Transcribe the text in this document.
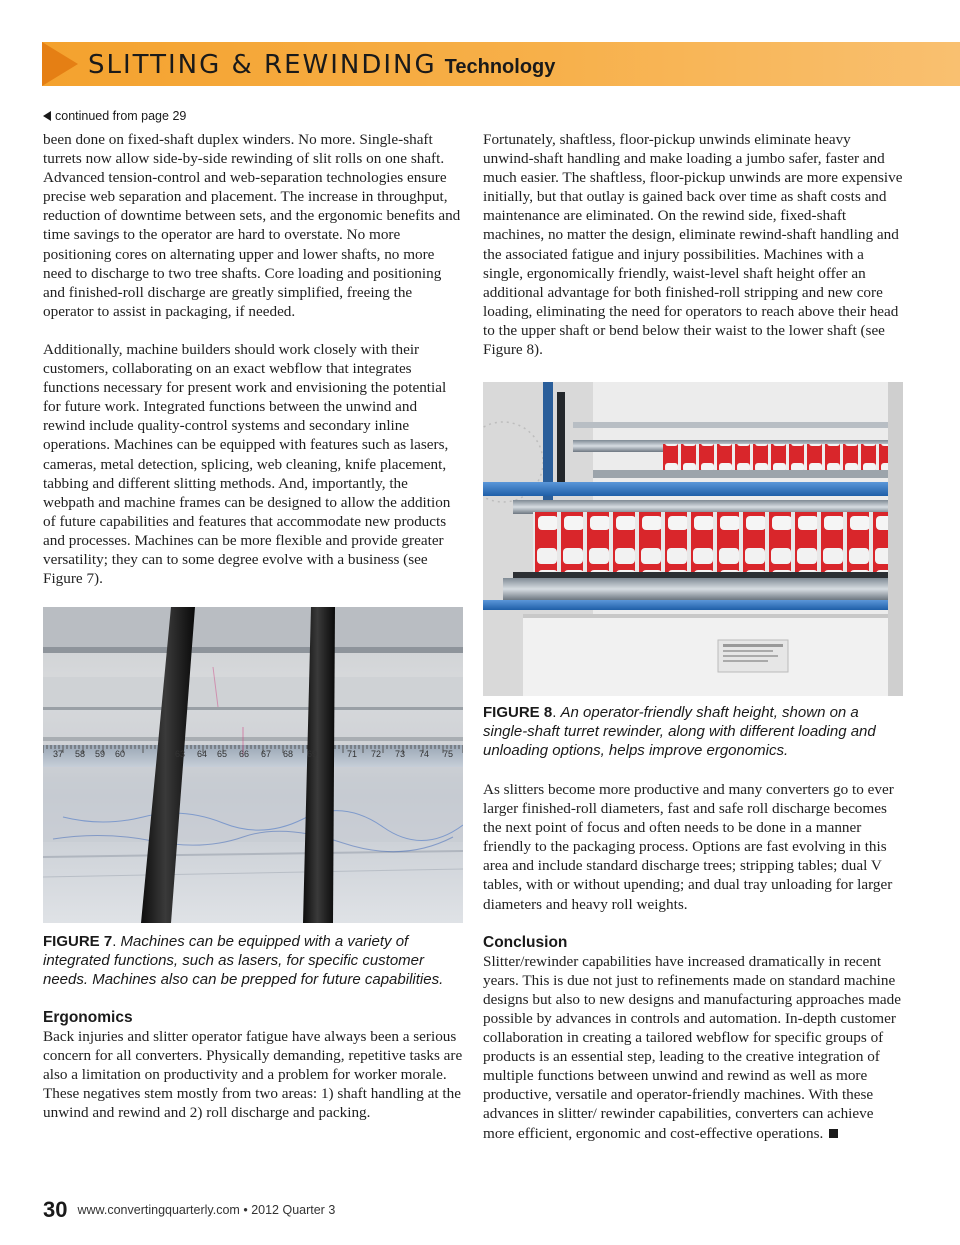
SLITTING & REWINDING Technology
continued from page 29

been done on fixed-shaft duplex winders. No more. Single-shaft turrets now allow side-by-side rewinding of slit rolls on one shaft. Advanced tension-control and web-separation technologies ensure precise web separation and placement. The increase in throughput, reduction of downtime between sets, and the ergonomic benefits and time savings to the operator are hard to overstate. No more positioning cores on alternating upper and lower shafts, no more need to discharge to two tree shafts. Core loading and positioning and finished-roll discharge are greatly simplified, freeing the operator to assist in packaging, if needed.

Additionally, machine builders should work closely with their customers, collaborating on an exact webflow that integrates functions necessary for present work and envisioning the potential for future work. Integrated functions between the unwind and rewind include quality-control systems and secondary inline operations. Machines can be equipped with features such as lasers, cameras, metal detection, splicing, web cleaning, knife placement, tabbing and different slitting methods. And, importantly, the webpath and machine frames can be designed to allow the addition of future capabilities and features that accommodate new products and processes. Machines can be more flexible and provide greater versatility; they can to some degree evolve with a business (see Figure 7).

37 58 59 60	63 64 65 66 67 68 69	71 72 73 74 75

FIGURE 7. Machines can be equipped with a variety of integrated functions, such as lasers, for specific customer needs. Machines also can be prepped for future capabilities.

Ergonomics

Back injuries and slitter operator fatigue have always been a serious concern for all converters. Physically demanding, repetitive tasks are also a limitation on productivity and a problem for worker morale. These negatives stem mostly from two areas: 1) shaft handling at the unwind and rewind and 2) roll discharge and packing.

Fortunately, shaftless, floor-pickup unwinds eliminate heavy unwind-shaft handling and make loading a jumbo safer, faster and much easier. The shaftless, floor-pickup unwinds are more expensive initially, but that outlay is gained back over time as shaft costs and maintenance are eliminated. On the rewind side, fixed-shaft machines, no matter the design, eliminate rewind-shaft handling and the associated fatigue and injury possibilities. Machines with a single, ergonomically friendly, waist-level shaft height offer an additional advantage for both finished-roll stripping and new core loading, eliminating the need for operators to reach above their head to the upper shaft or bend below their waist to the lower shaft (see Figure 8).

FIGURE 8. An operator-friendly shaft height, shown on a single-shaft turret rewinder, along with different loading and unloading options, helps improve ergonomics.

As slitters become more productive and many converters go to ever larger finished-roll diameters, fast and safe roll discharge becomes the next point of focus and often needs to be done in a manner friendly to the packaging process. Options are fast evolving in this area and include standard discharge trees; stripping tables; dual V tables, with or without upending; and dual tray unloading for larger diameters and heavy roll weights.

Conclusion

Slitter/rewinder capabilities have increased dramatically in recent years. This is due not just to refinements made on standard machine designs but also to new designs and manufacturing approaches made possible by advances in controls and automation. In-depth customer collaboration in creating a tailored webflow for specific groups of products is an essential step, leading to the creative integration of multiple functions between unwind and rewind as well as more productive, versatile and operator-friendly machines. With these advances in slitter/ rewinder capabilities, converters can achieve more efficient, ergonomic and cost-effective operations.

30 www.convertingquarterly.com • 2012 Quarter 3
